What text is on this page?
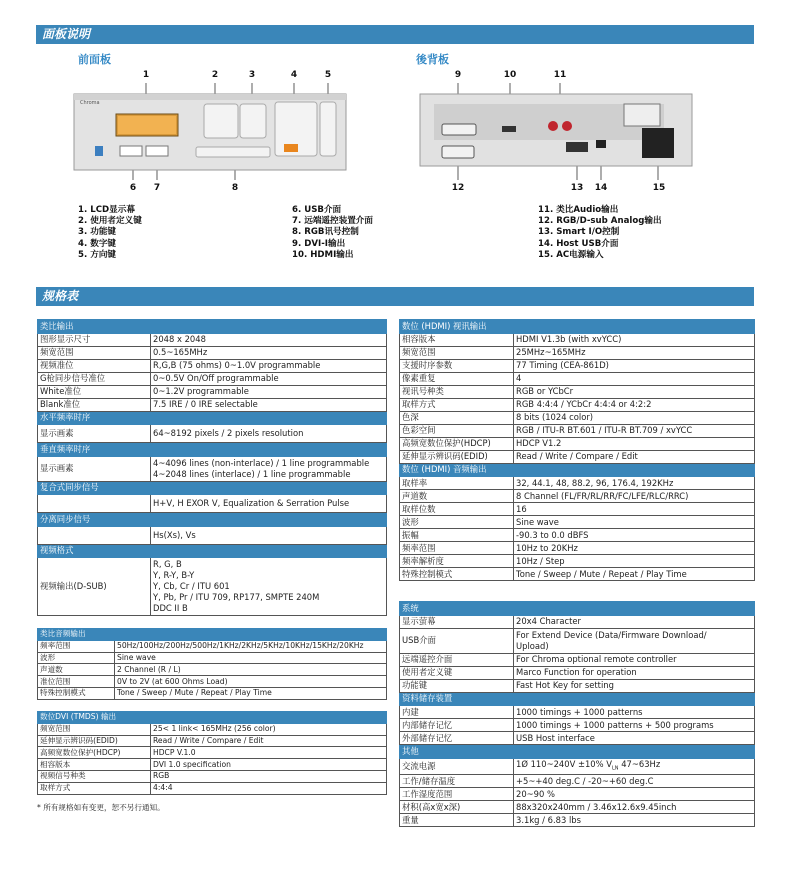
面板说明
前面板	後背板
1	2	3	4	5
6	7	8
Chroma
9	10	11
12	13 14	15
1. LCD显示幕
2. 使用者定义键
3. 功能键
4. 数字键
5. 方向键
6. USB介面
7. 远端遥控装置介面
8. RGB讯号控制
9. DVI-I输出
10. HDMI输出
11. 类比Audio输出
12. RGB/D-sub Analog输出
13. Smart I/O控制
14. Host USB介面
15. AC电源输入
规格表
类比输出	
图形显示尺寸	2048 x 2048
频宽范围	0.5~165MHz
视频准位	R,G,B (75 ohms) 0~1.0V programmable
G枪同步信号准位	0~0.5V On/Off programmable
White准位	0~1.2V programmable
Blank准位	7.5 IRE / 0 IRE selectable
水平频率时序	
显示画素	64~8192 pixels / 2 pixels resolution
垂直频率时序	
显示画素	4~4096 lines (non-interlace) / 1 line programmable
4~2048 lines (interlace) / 1 line programmable

复合式同步信号	
	H+V, H EXOR V, Equalization & Serration Pulse
分离同步信号	
	Hs(Xs), Vs
视频格式	
视频输出(D-SUB)	R, G, B
Y, R-Y, B-Y
Y, Cb, Cr / ITU 601
Y, Pb, Pr / ITU 709, RP177, SMPTE 240M
DDC II B
类比音频输出	
频率范围	50Hz/100Hz/200Hz/500Hz/1KHz/2KHz/5KHz/10KHz/15KHz/20KHz
波形	Sine wave
声道数	2 Channel (R / L)
准位范围	0V to 2V (at 600 Ohms Load)
特殊控制模式	Tone / Sweep / Mute / Repeat / Play Time
数位DVI (TMDS) 输出	
频宽范围	25< 1 link< 165MHz (256 color)
延伸显示辨识码(EDID)	Read / Write / Compare / Edit
高频宽数位保护(HDCP)	HDCP V.1.0
相容版本	DVI 1.0 specification
视频信号种类	RGB
取样方式	4:4:4
* 所有规格如有变更，恕不另行通知。
数位 (HDMI) 视讯输出	
相容版本	HDMI V1.3b (with xvYCC)
频宽范围	25MHz~165MHz
支援时序参数	77 Timing (CEA-861D)
像素重复	4
视讯号种类	RGB or YCbCr
取样方式	RGB 4:4:4 / YCbCr 4:4:4 or 4:2:2
色深	8 bits (1024 color)
色彩空间	RGB / ITU-R BT.601 / ITU-R BT.709 / xvYCC
高频宽数位保护(HDCP)	HDCP V1.2
延伸显示辨识码(EDID)	Read / Write / Compare / Edit
数位 (HDMI) 音频输出	
取样率	32, 44.1, 48, 88.2, 96, 176.4, 192KHz
声道数	8 Channel (FL/FR/RL/RR/FC/LFE/RLC/RRC)
取样位数	16
波形	Sine wave
振幅	-90.3 to 0.0 dBFS
频率范围	10Hz to 20KHz
频率解析度	10Hz / Step
特殊控制模式	Tone / Sweep / Mute / Repeat / Play Time
系统	
显示萤幕	20x4 Character
USB介面	For Extend Device (Data/Firmware Download/
Upload)

远端遥控介面	For Chroma optional remote controller
使用者定义键	Marco Function for operation
功能键	Fast Hot Key for setting
资料储存装置	
内建	1000 timings + 1000 patterns
内部储存记忆	1000 timings + 1000 patterns + 500 programs
外部储存记忆	USB Host interface
其他	
交流电源	1Ø 110~240V ±10% $V_{LN}$ 47~63Hz
工作/储存温度	+5~+40 deg.C / -20~+60 deg.C
工作湿度范围	20~90 %
材积(高x宽x深)	88x320x240mm / 3.46x12.6x9.45inch
重量	3.1kg / 6.83 lbs
